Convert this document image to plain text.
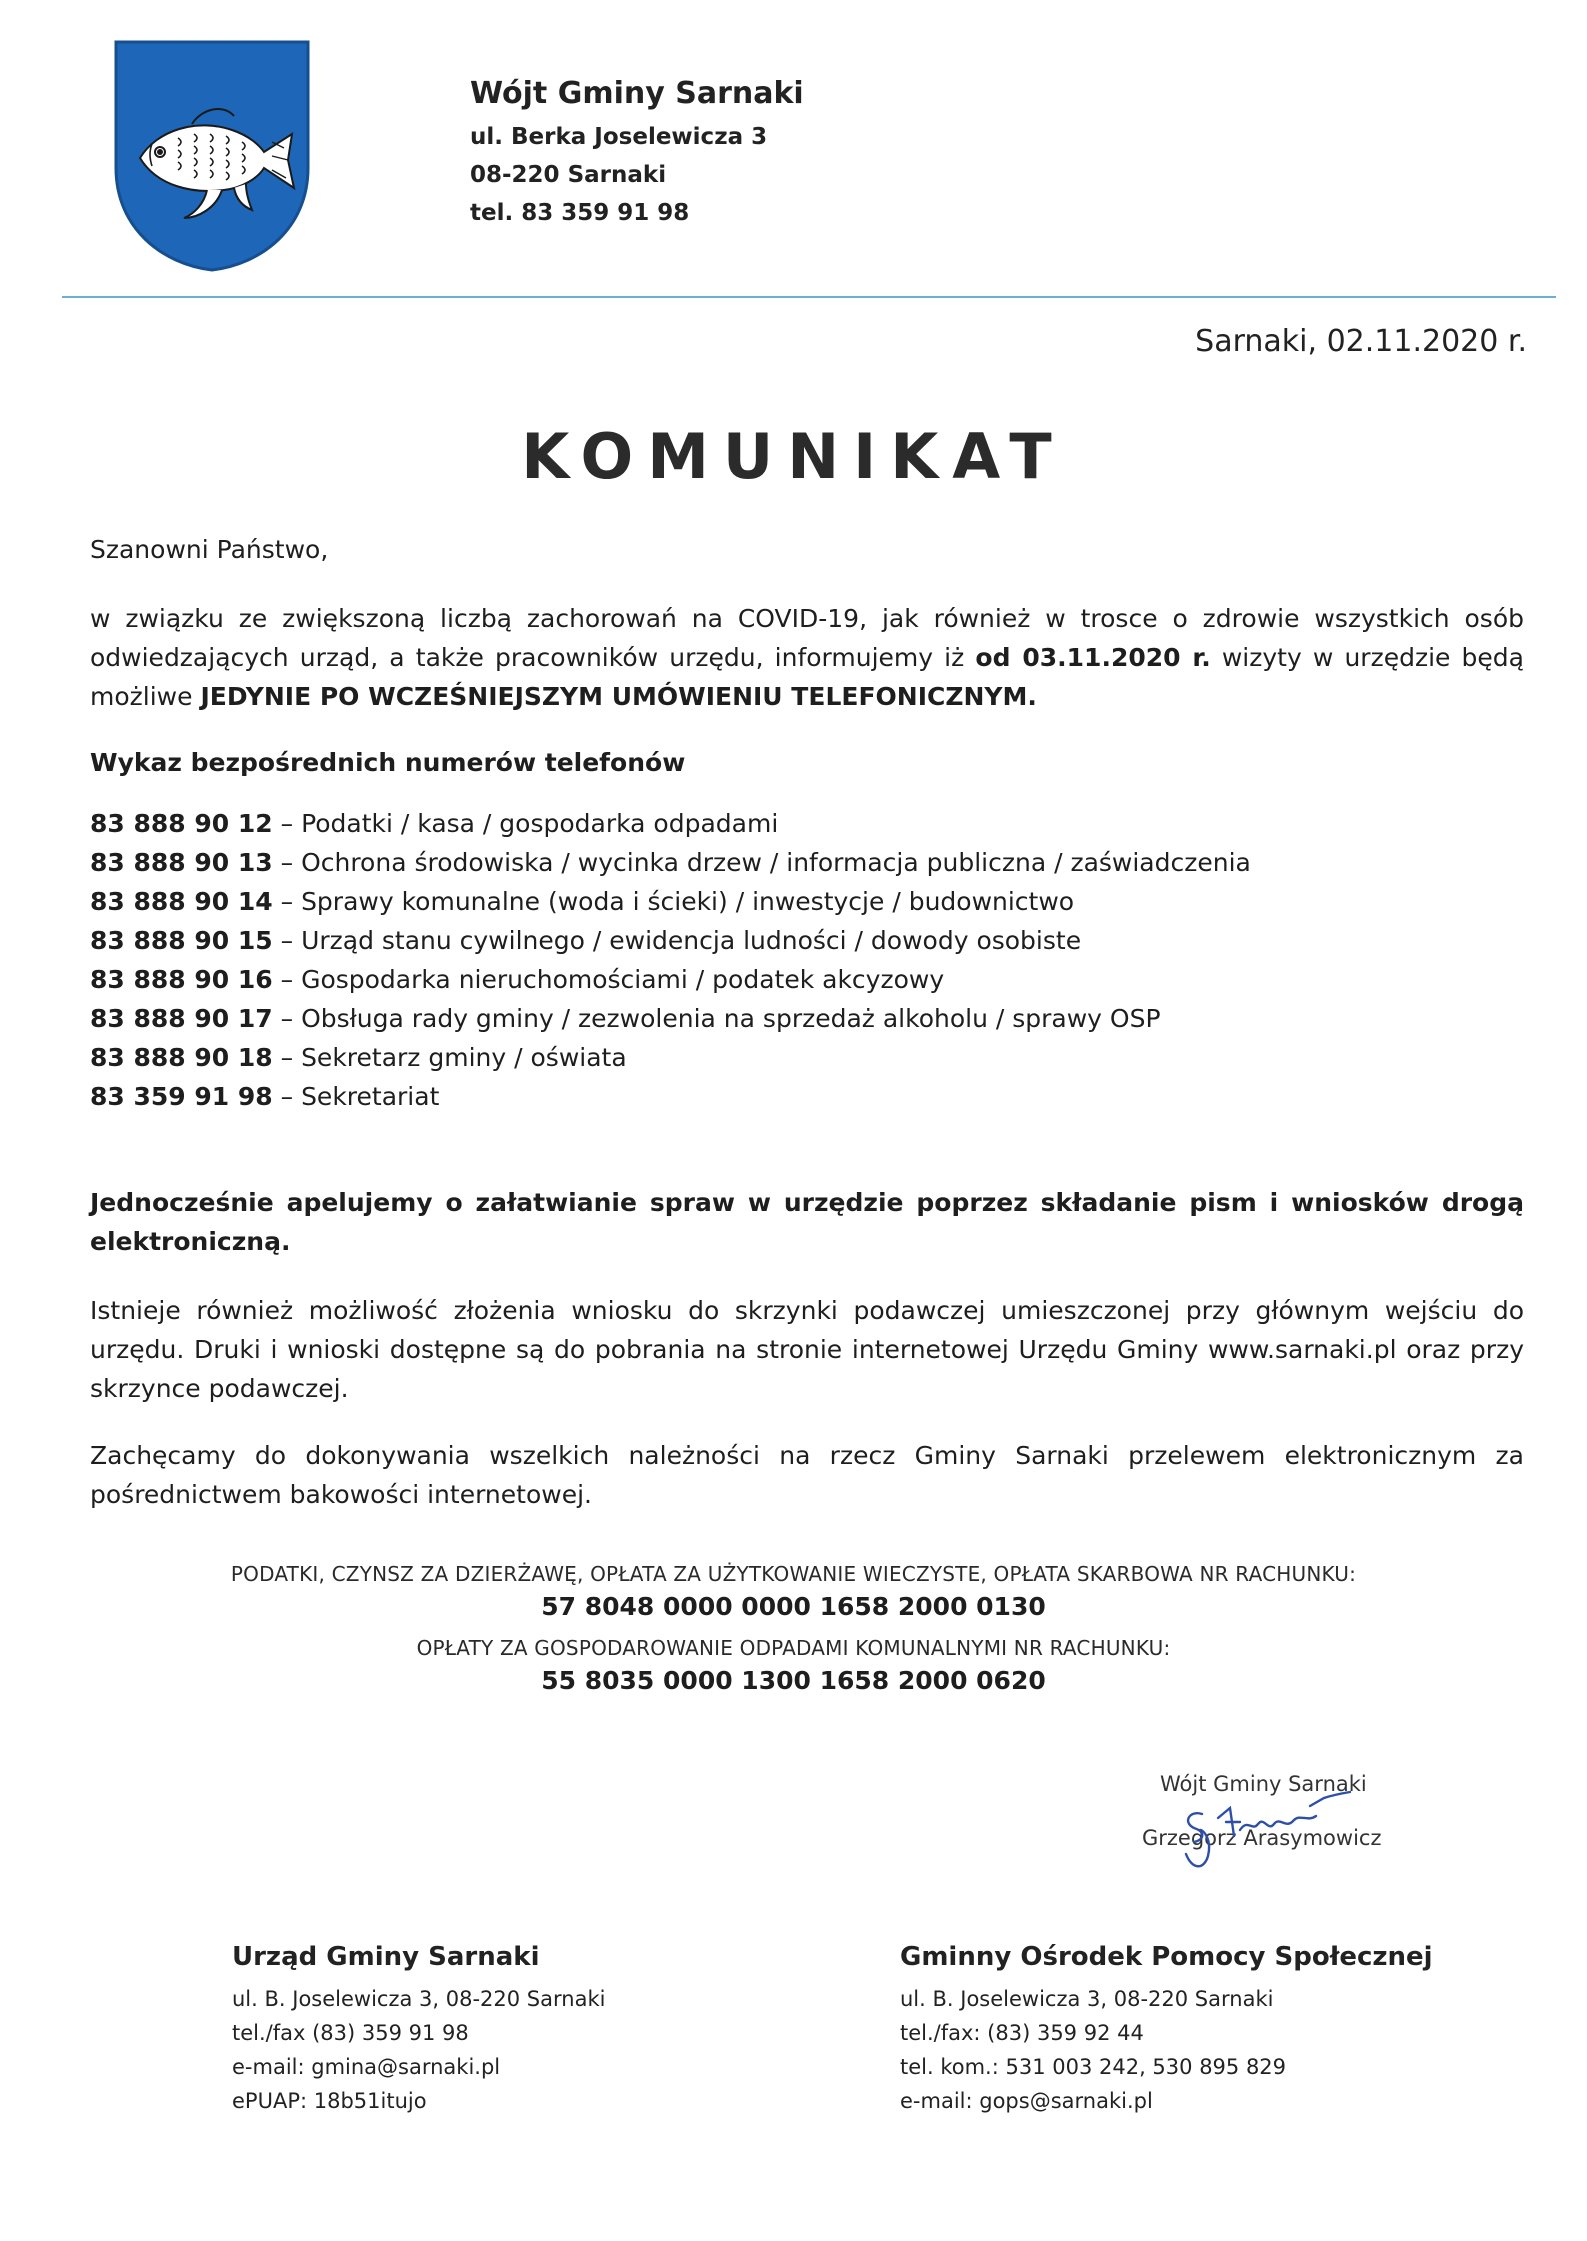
Wójt Gminy Sarnaki
ul. Berka Joselewicza 3
08-220 Sarnaki
tel. 83 359 91 98
Sarnaki, 02.11.2020 r.
KOMUNIKAT
Szanowni Państwo,
w związku ze zwiększoną liczbą zachorowań na COVID-19, jak również w trosce o zdrowie wszystkich osób odwiedzających urząd, a także pracowników urzędu, informujemy iż od 03.11.2020 r. wizyty w urzędzie będą możliwe JEDYNIE PO WCZEŚNIEJSZYM UMÓWIENIU TELEFONICZNYM.
Wykaz bezpośrednich numerów telefonów
83 888 90 12 – Podatki / kasa / gospodarka odpadami
83 888 90 13 – Ochrona środowiska / wycinka drzew / informacja publiczna / zaświadczenia
83 888 90 14 – Sprawy komunalne (woda i ścieki) / inwestycje / budownictwo
83 888 90 15 – Urząd stanu cywilnego / ewidencja ludności / dowody osobiste
83 888 90 16 – Gospodarka nieruchomościami / podatek akcyzowy
83 888 90 17 – Obsługa rady gminy / zezwolenia na sprzedaż alkoholu / sprawy OSP
83 888 90 18 – Sekretarz gminy / oświata
83 359 91 98 – Sekretariat
Jednocześnie apelujemy o załatwianie spraw w urzędzie poprzez składanie pism i wniosków drogą elektroniczną.
Istnieje również możliwość złożenia wniosku do skrzynki podawczej umieszczonej przy głównym wejściu do urzędu. Druki i wnioski dostępne są do pobrania na stronie internetowej Urzędu Gminy www.sarnaki.pl oraz przy skrzynce podawczej.
Zachęcamy do dokonywania wszelkich należności na rzecz Gminy Sarnaki przelewem elektronicznym za pośrednictwem bakowości internetowej.
PODATKI, CZYNSZ ZA DZIERŻAWĘ, OPŁATA ZA UŻYTKOWANIE WIECZYSTE, OPŁATA SKARBOWA NR RACHUNKU:
57 8048 0000 0000 1658 2000 0130
OPŁATY ZA GOSPODAROWANIE ODPADAMI KOMUNALNYMI NR RACHUNKU:
55 8035 0000 1300 1658 2000 0620
Wójt Gminy Sarnaki
Grzegorz Arasymowicz
Urząd Gminy Sarnaki
ul. B. Joselewicza 3, 08-220 Sarnaki
tel./fax (83) 359 91 98
e-mail: gmina@sarnaki.pl
ePUAP: 18b51itujo
Gminny Ośrodek Pomocy Społecznej
ul. B. Joselewicza 3, 08-220 Sarnaki
tel./fax: (83) 359 92 44
tel. kom.: 531 003 242, 530 895 829
e-mail: gops@sarnaki.pl
